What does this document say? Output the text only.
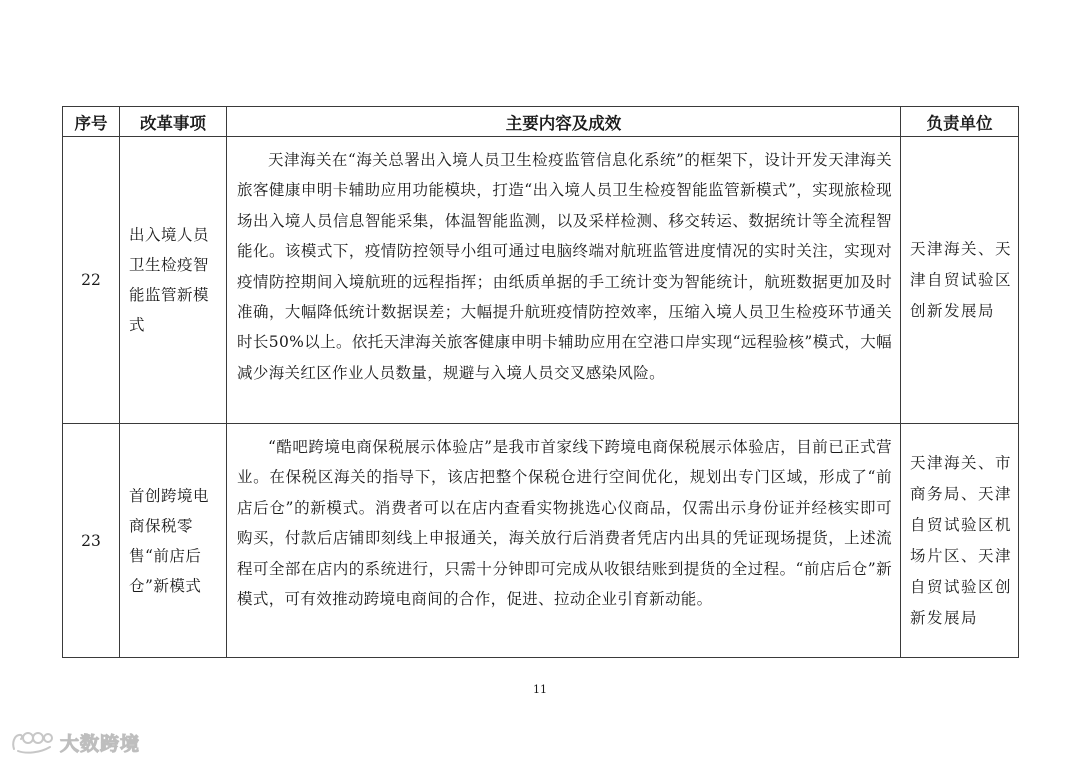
序号	改革事项	主要内容及成效	负责单位
22	出入境人员卫生检疫智能监管新模式	天津海关在“海关总署出入境人员卫生检疫监管信息化系统”的框架下，设计开发天津海关旅客健康申明卡辅助应用功能模块，打造“出入境人员卫生检疫智能监管新模式”，实现旅检现场出入境人员信息智能采集，体温智能监测，以及采样检测、移交转运、数据统计等全流程智能化。该模式下，疫情防控领导小组可通过电脑终端对航班监管进度情况的实时关注，实现对疫情防控期间入境航班的远程指挥；由纸质单据的手工统计变为智能统计，航班数据更加及时准确，大幅降低统计数据误差；大幅提升航班疫情防控效率，压缩入境人员卫生检疫环节通关时长50%以上。依托天津海关旅客健康申明卡辅助应用在空港口岸实现“远程验核”模式，大幅减少海关红区作业人员数量，规避与入境人员交叉感染风险。	天津海关、天津自贸试验区创新发展局
23	首创跨境电商保税零售“前店后仓”新模式	“酷吧跨境电商保税展示体验店”是我市首家线下跨境电商保税展示体验店，目前已正式营业。在保税区海关的指导下，该店把整个保税仓进行空间优化，规划出专门区域，形成了“前店后仓”的新模式。消费者可以在店内查看实物挑选心仪商品，仅需出示身份证并经核实即可购买，付款后店铺即刻线上申报通关，海关放行后消费者凭店内出具的凭证现场提货，上述流程可全部在店内的系统进行，只需十分钟即可完成从收银结账到提货的全过程。“前店后仓”新模式，可有效推动跨境电商间的合作，促进、拉动企业引育新动能。	天津海关、市商务局、天津自贸试验区机场片区、天津自贸试验区创新发展局
11
大数跨境
